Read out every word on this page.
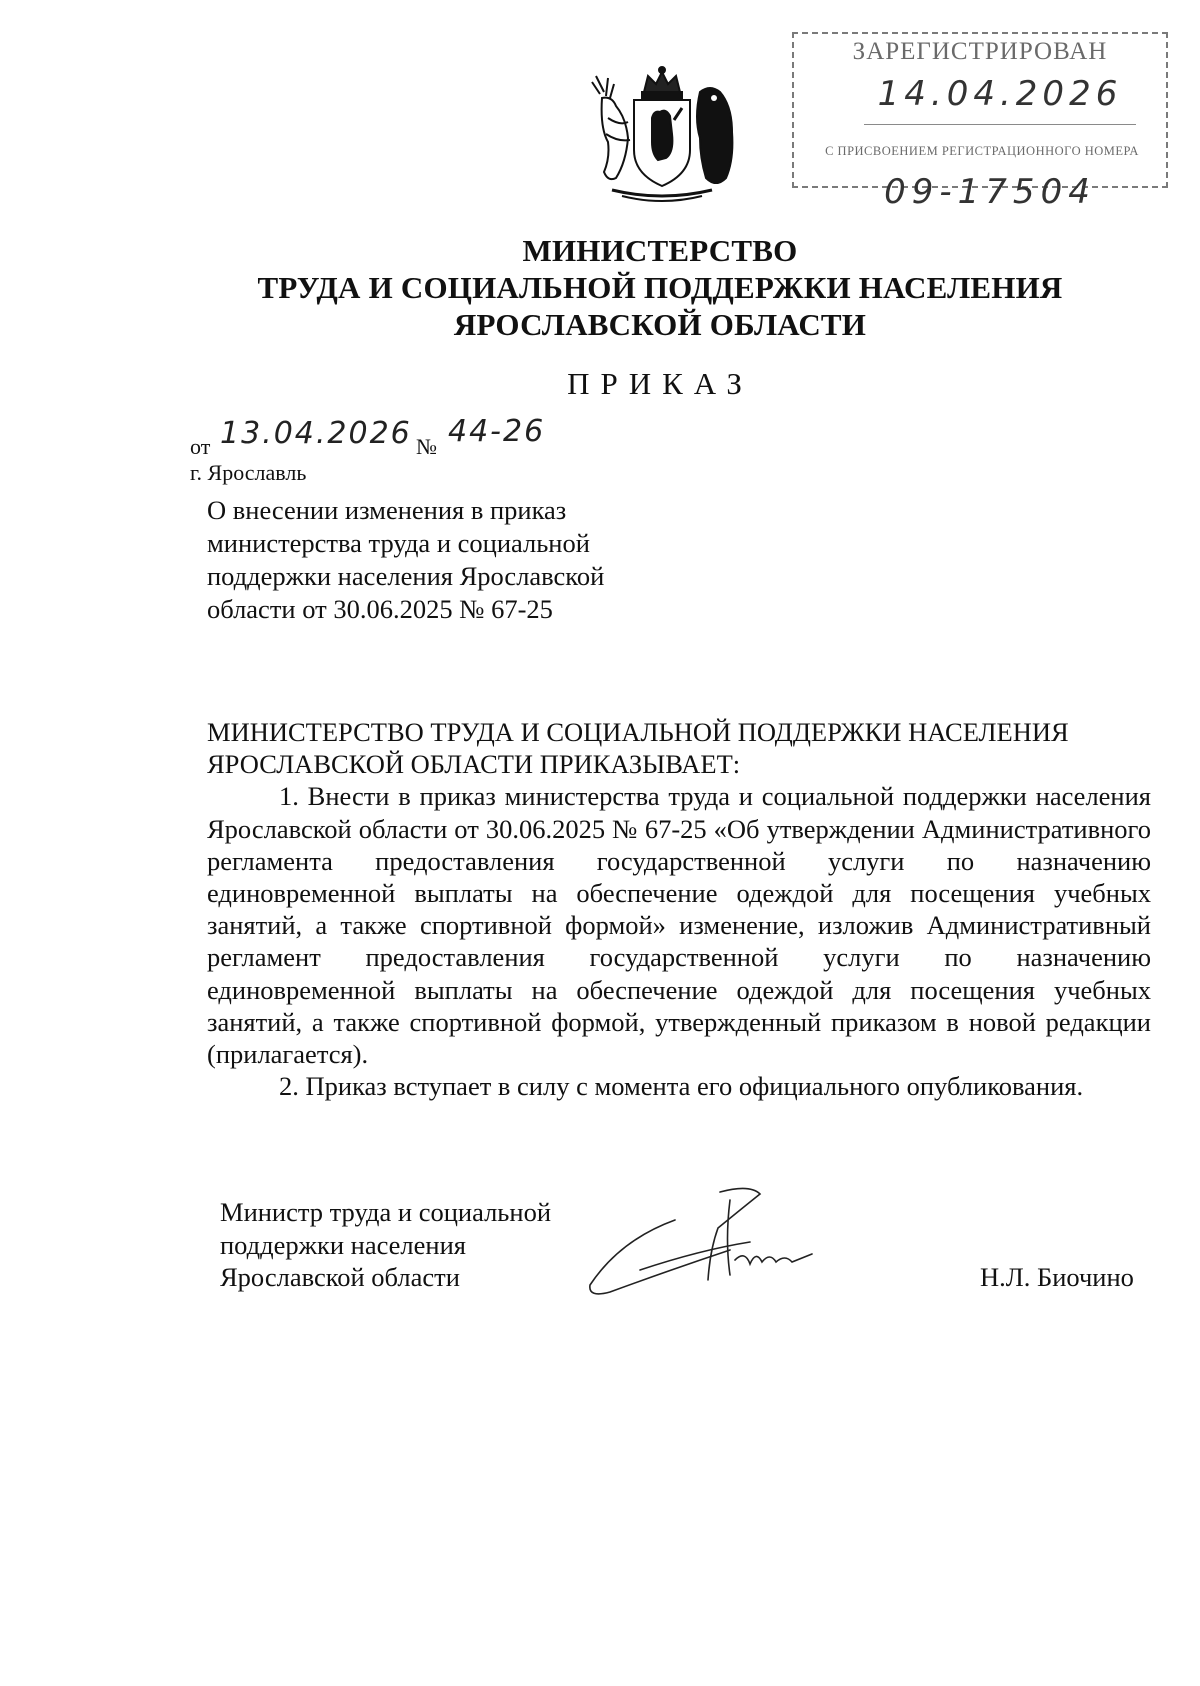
ЗАРЕГИСТРИРОВАН
14.04.2026
С ПРИСВОЕНИЕМ РЕГИСТРАЦИОННОГО НОМЕРА
09-17504
МИНИСТЕРСТВО
ТРУДА И СОЦИАЛЬНОЙ ПОДДЕРЖКИ НАСЕЛЕНИЯ
ЯРОСЛАВСКОЙ ОБЛАСТИ
ПРИКАЗ
от 13.04.2026 № 44-26
г. Ярославль
О внесении изменения в приказ
министерства труда и социальной
поддержки населения Ярославской
области от 30.06.2025 № 67-25
МИНИСТЕРСТВО ТРУДА И СОЦИАЛЬНОЙ ПОДДЕРЖКИ НАСЕЛЕНИЯ
ЯРОСЛАВСКОЙ ОБЛАСТИ ПРИКАЗЫВАЕТ:

1. Внести в приказ министерства труда и социальной поддержки населения Ярославской области от 30.06.2025 № 67-25 «Об утверждении Административного регламента предоставления государственной услуги по назначению единовременной выплаты на обеспечение одеждой для посещения учебных занятий, а также спортивной формой» изменение, изложив Административный регламент предоставления государственной услуги по назначению единовременной выплаты на обеспечение одеждой для посещения учебных занятий, а также спортивной формой, утвержденный приказом в новой редакции (прилагается).

2. Приказ вступает в силу с момента его официального опубликования.

Министр труда и социальной
поддержки населения
Ярославской области	Н.Л. Биочино
